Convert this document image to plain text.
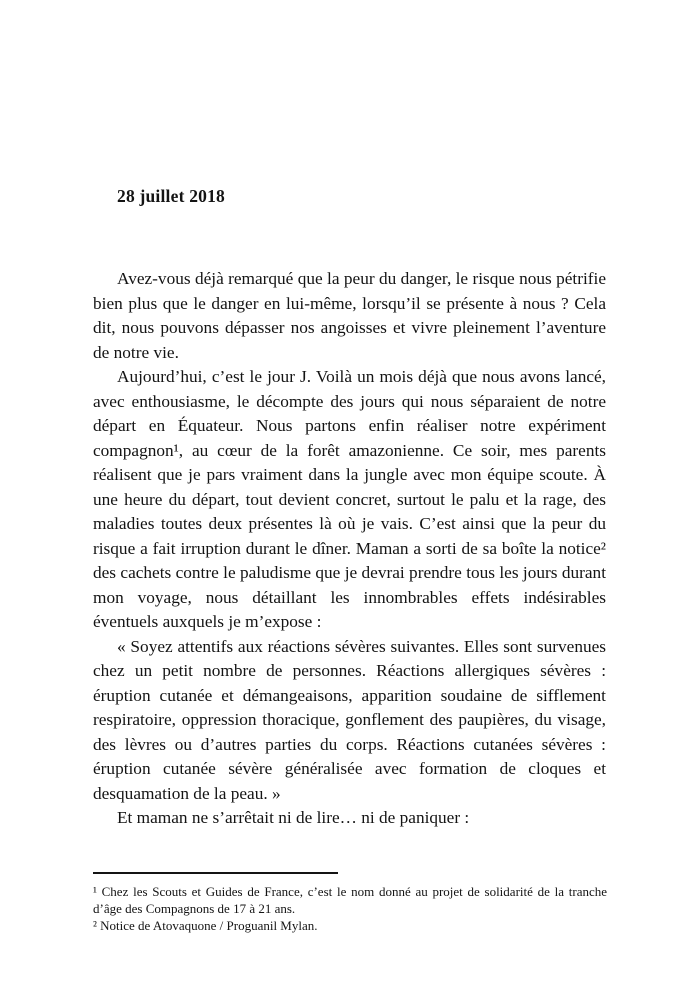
28 juillet 2018

Avez-vous déjà remarqué que la peur du danger, le risque nous pétrifie bien plus que le danger en lui-même, lorsqu’il se présente à nous ? Cela dit, nous pouvons dépasser nos angoisses et vivre pleinement l’aventure de notre vie.

Aujourd’hui, c’est le jour J. Voilà un mois déjà que nous avons lancé, avec enthousiasme, le décompte des jours qui nous séparaient de notre départ en Équateur. Nous partons enfin réaliser notre expériment compagnon¹, au cœur de la forêt amazonienne. Ce soir, mes parents réalisent que je pars vraiment dans la jungle avec mon équipe scoute. À une heure du départ, tout devient concret, surtout le palu et la rage, des maladies toutes deux présentes là où je vais. C’est ainsi que la peur du risque a fait irruption durant le dîner. Maman a sorti de sa boîte la notice² des cachets contre le paludisme que je devrai prendre tous les jours durant mon voyage, nous détaillant les innombrables effets indésirables éventuels auxquels je m’expose :

« Soyez attentifs aux réactions sévères suivantes. Elles sont survenues chez un petit nombre de personnes. Réactions allergiques sévères : éruption cutanée et démangeaisons, apparition soudaine de sifflement respiratoire, oppression thoracique, gonflement des paupières, du visage, des lèvres ou d’autres parties du corps. Réactions cutanées sévères : éruption cutanée sévère généralisée avec formation de cloques et desquamation de la peau. »

Et maman ne s’arrêtait ni de lire… ni de paniquer :

¹ Chez les Scouts et Guides de France, c’est le nom donné au projet de solidarité de la tranche d’âge des Compagnons de 17 à 21 ans.

² Notice de Atovaquone / Proguanil Mylan.
